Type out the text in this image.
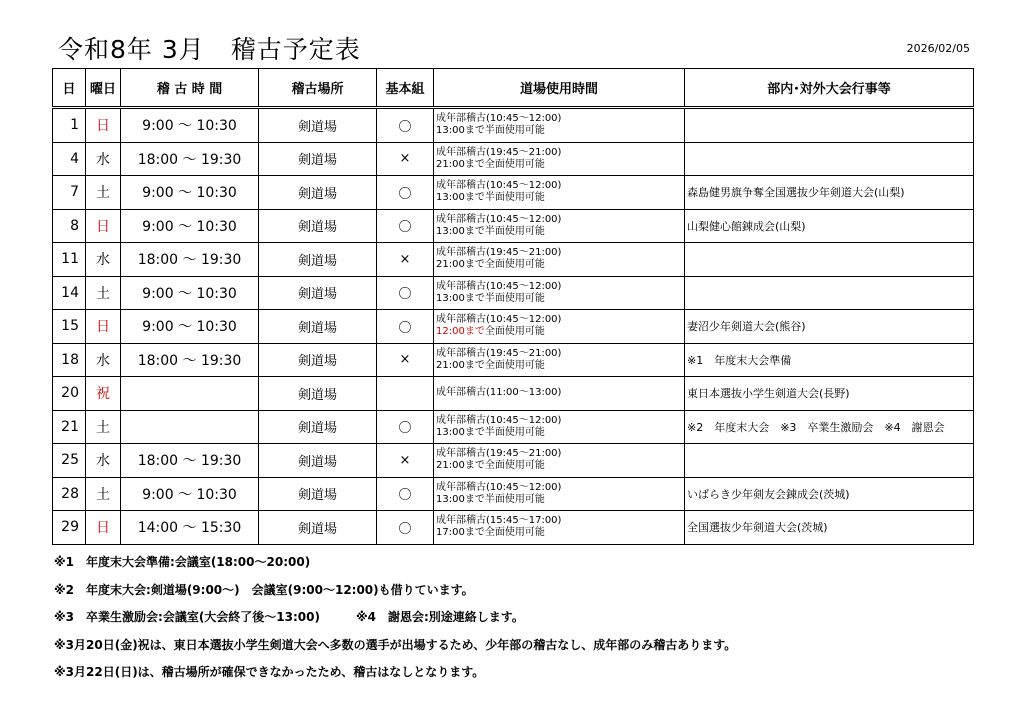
令和8年 3月　稽古予定表	2026/02/05
日	曜日	稽 古 時 間	稽古場所	基本組	道場使用時間	部内･対外大会行事等
1	日	9:00 ～ 10:30	剣道場	〇	成年部稽古(10:45～12:00)
13:00まで半面使用可能	

4	水	18:00 ～ 19:30	剣道場	×	成年部稽古(19:45～21:00)
21:00まで全面使用可能	

7	土	9:00 ～ 10:30	剣道場	〇	成年部稽古(10:45～12:00)
13:00まで半面使用可能	森島健男旗争奪全国選抜少年剣道大会(山梨)
8	日	9:00 ～ 10:30	剣道場	〇	成年部稽古(10:45～12:00)
13:00まで半面使用可能	山梨健心館錬成会(山梨)
11	水	18:00 ～ 19:30	剣道場	×	成年部稽古(19:45～21:00)
21:00まで全面使用可能	

14	土	9:00 ～ 10:30	剣道場	〇	成年部稽古(10:45～12:00)
13:00まで半面使用可能	

15	日	9:00 ～ 10:30	剣道場	〇	成年部稽古(10:45～12:00)
12:00まで全面使用可能	妻沼少年剣道大会(熊谷)
18	水	18:00 ～ 19:30	剣道場	×	成年部稽古(19:45～21:00)
21:00まで全面使用可能	※1　年度末大会準備
20	祝		剣道場		成年部稽古(11:00～13:00)	東日本選抜小学生剣道大会(長野)
21	土		剣道場	〇	成年部稽古(10:45～12:00)
13:00まで半面使用可能	※2　年度末大会　※3　卒業生激励会　※4　謝恩会
25	水	18:00 ～ 19:30	剣道場	×	成年部稽古(19:45～21:00)
21:00まで全面使用可能	

28	土	9:00 ～ 10:30	剣道場	〇	成年部稽古(10:45～12:00)
13:00まで半面使用可能	いばらき少年剣友会錬成会(茨城)
29	日	14:00 ～ 15:30	剣道場	〇	成年部稽古(15:45～17:00)
17:00まで全面使用可能	全国選抜少年剣道大会(茨城)
※1　年度末大会準備:会議室(18:00～20:00)
※2　年度末大会:剣道場(9:00～)　会議室(9:00～12:00)も借りています。
※3　卒業生激励会:会議室(大会終了後～13:00)　　　※4　謝恩会:別途連絡します。
※3月20日(金)祝は、東日本選抜小学生剣道大会へ多数の選手が出場するため、少年部の稽古なし、成年部のみ稽古あります。
※3月22日(日)は、稽古場所が確保できなかったため、稽古はなしとなります。
